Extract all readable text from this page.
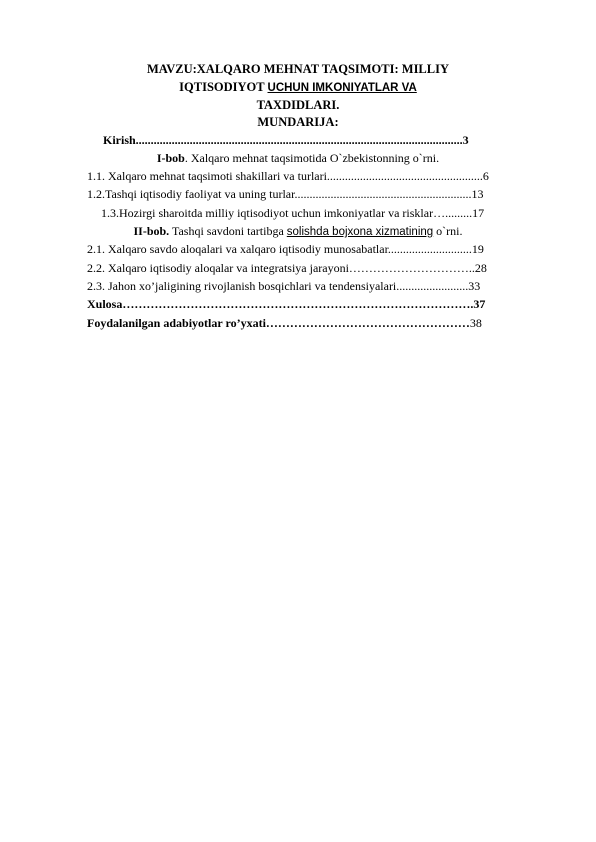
MAVZU:XALQARO MEHNAT TAQSIMOTI: MILLIY
IQTISODIYOT UCHUN IMKONIYATLAR VA
TAXDIDLARI.
MUNDARIJA:
Kirish.............................................................................................................3
I-bob. Xalqaro mehnat taqsimotida O`zbekistonning o`rni.
1.1. Xalqaro mehnat taqsimoti shakillari va turlari....................................................6
1.2.Tashqi iqtisodiy faoliyat va uning turlar...........................................................13
1.3.Hozirgi sharoitda milliy iqtisodiyot uchun imkoniyatlar va risklar….........17
II-bob. Tashqi savdoni tartibga solishda bojxona xizmatining o`rni.
2.1. Xalqaro savdo aloqalari va xalqaro iqtisodiy munosabatlar............................19
2.2. Xalqaro iqtisodiy aloqalar va integratsiya jarayoni…………………………..28
2.3. Jahon xo’jaligining rivojlanish bosqichlari va tendensiyalari........................33
Xulosa…………………………………………………………………………….37
Foydalanilgan adabiyotlar ro’yxati……………………………………………38
